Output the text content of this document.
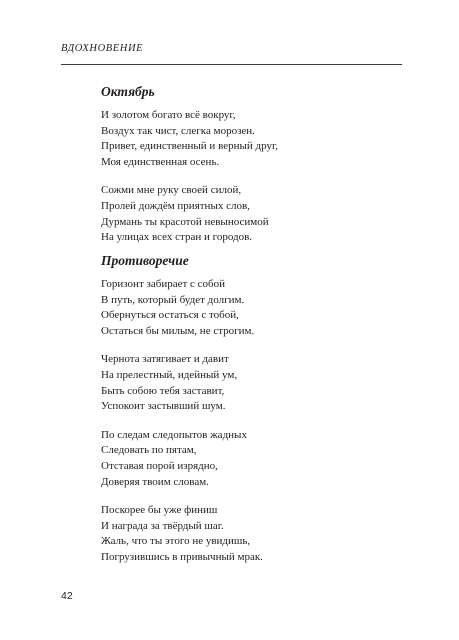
ВДОХНОВЕНИЕ
Октябрь
И золотом богато всё вокруг,
Воздух так чист, слегка морозен.
Привет, единственный и верный друг,
Моя единственная осень.
Сожми мне руку своей силой,
Пролей дождём приятных слов,
Дурмань ты красотой невыносимой
На улицах всех стран и городов.
Противоречие
Горизонт забирает с собой
В путь, который будет долгим.
Обернуться остаться с тобой,
Остаться бы милым, не строгим.
Чернота затягивает и давит
На прелестный, идейный ум,
Быть собою тебя заставит,
Успокоит застывший шум.
По следам следопытов жадных
Следовать по пятам,
Отставая порой изрядно,
Доверяя твоим словам.
Поскорее бы уже финиш
И награда за твёрдый шаг.
Жаль, что ты этого не увидишь,
Погрузившись в привычный мрак.
42
